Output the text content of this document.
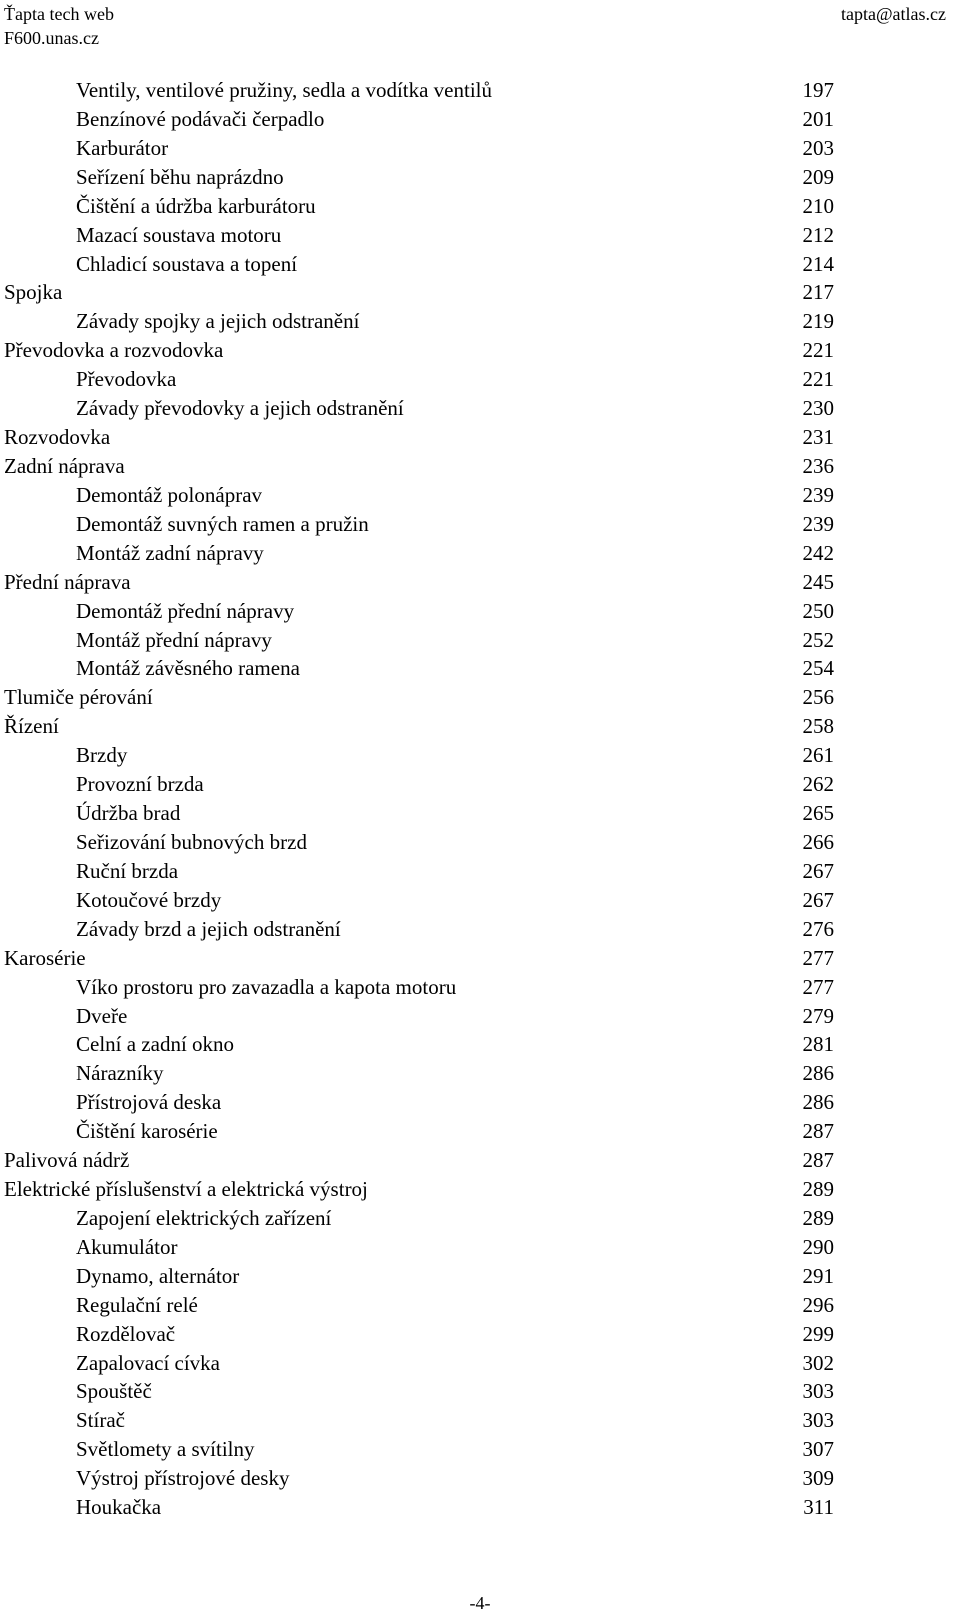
Ťapta tech web
F600.unas.cz
tapta@atlas.cz
Ventily, ventilové pružiny, sedla a vodítka ventilů	197
Benzínové podávači čerpadlo	201
Karburátor	203
Seřízení běhu naprázdno	209
Čištění a údržba karburátoru	210
Mazací soustava motoru	212
Chladicí soustava a topení	214
Spojka	217
Závady spojky a jejich odstranění	219
Převodovka a rozvodovka	221
Převodovka	221
Závady převodovky a jejich odstranění	230
Rozvodovka	231
Zadní náprava	236
Demontáž polonáprav	239
Demontáž suvných ramen a pružin	239
Montáž zadní nápravy	242
Přední náprava	245
Demontáž přední nápravy	250
Montáž přední nápravy	252
Montáž závěsného ramena	254
Tlumiče pérování	256
Řízení	258
Brzdy	261
Provozní brzda	262
Údržba brad	265
Seřizování bubnových brzd	266
Ruční brzda	267
Kotoučové brzdy	267
Závady brzd a jejich odstranění	276
Karosérie	277
Víko prostoru pro zavazadla a kapota motoru	277
Dveře	279
Celní a zadní okno	281
Nárazníky	286
Přístrojová deska	286
Čištění karosérie	287
Palivová nádrž	287
Elektrické příslušenství a elektrická výstroj	289
Zapojení elektrických zařízení	289
Akumulátor	290
Dynamo, alternátor	291
Regulační relé	296
Rozdělovač	299
Zapalovací cívka	302
Spouštěč	303
Stírač	303
Světlomety a svítilny	307
Výstroj přístrojové desky	309
Houkačka	311
-4-
